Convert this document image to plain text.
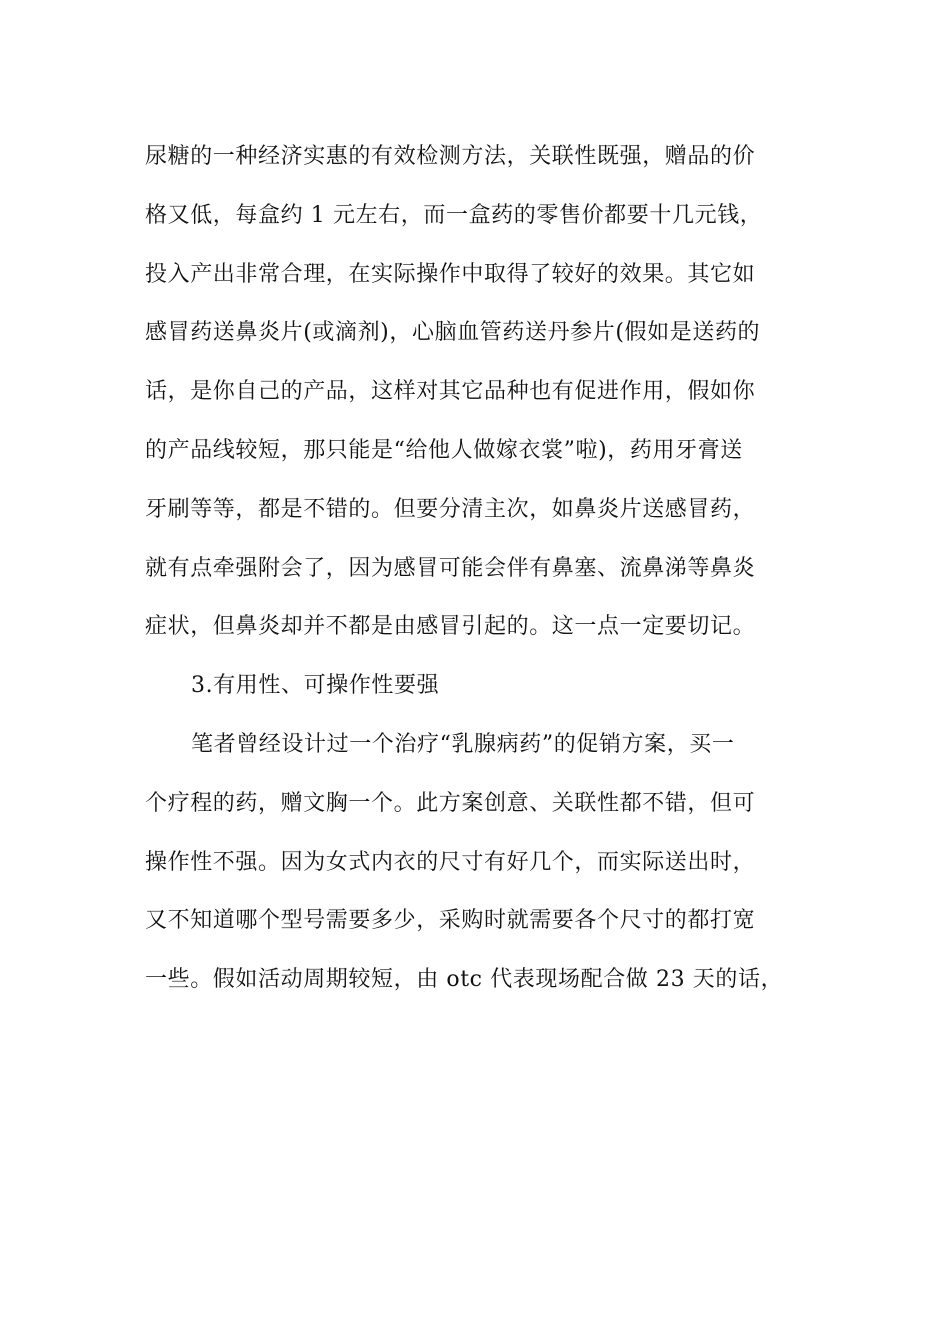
尿糖的一种经济实惠的有效检测方法，关联性既强，赠品的价
格又低，每盒约 1 元左右，而一盒药的零售价都要十几元钱，
投入产出非常合理，在实际操作中取得了较好的效果。其它如
感冒药送鼻炎片(或滴剂)，心脑血管药送丹参片(假如是送药的
话，是你自己的产品，这样对其它品种也有促进作用，假如你
的产品线较短，那只能是“给他人做嫁衣裳”啦)，药用牙膏送
牙刷等等，都是不错的。但要分清主次，如鼻炎片送感冒药，
就有点牵强附会了，因为感冒可能会伴有鼻塞、流鼻涕等鼻炎
症状，但鼻炎却并不都是由感冒引起的。这一点一定要切记。
3.有用性、可操作性要强
笔者曾经设计过一个治疗“乳腺病药”的促销方案，买一
个疗程的药，赠文胸一个。此方案创意、关联性都不错，但可
操作性不强。因为女式内衣的尺寸有好几个，而实际送出时，
又不知道哪个型号需要多少，采购时就需要各个尺寸的都打宽
一些。假如活动周期较短，由 otc 代表现场配合做 23 天的话，
